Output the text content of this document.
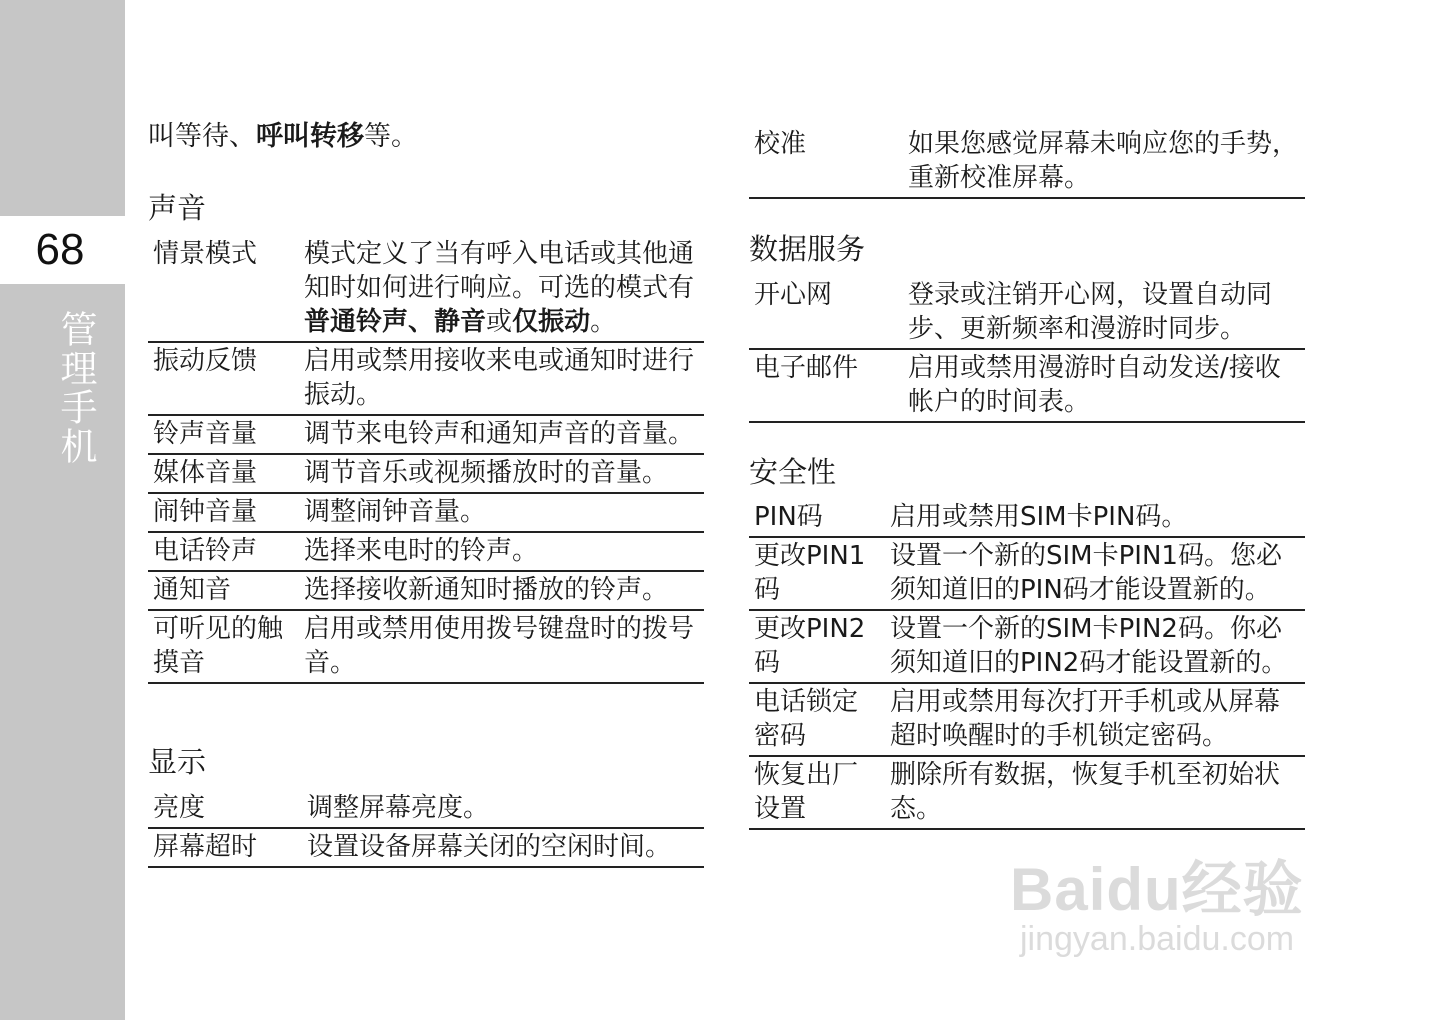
68
管理手机
叫等待、呼叫转移等。
声音
情景模式	模式定义了当有呼入电话或其他通知时如何进行响应。可选的模式有普通铃声、静音或仅振动。
振动反馈	启用或禁用接收来电或通知时进行振动。
铃声音量	调节来电铃声和通知声音的音量。
媒体音量	调节音乐或视频播放时的音量。
闹钟音量	调整闹钟音量。
电话铃声	选择来电时的铃声。
通知音	选择接收新通知时播放的铃声。
可听见的触摸音	启用或禁用使用拨号键盘时的拨号音。
显示
亮度	调整屏幕亮度。
屏幕超时	设置设备屏幕关闭的空闲时间。
校准	如果您感觉屏幕未响应您的手势，重新校准屏幕。
数据服务
开心网	登录或注销开心网，设置自动同步、更新频率和漫游时同步。
电子邮件	启用或禁用漫游时自动发送/接收帐户的时间表。
安全性
PIN码	启用或禁用SIM卡PIN码。
更改PIN1码	设置一个新的SIM卡PIN1码。您必须知道旧的PIN码才能设置新的。
更改PIN2码	设置一个新的SIM卡PIN2码。你必须知道旧的PIN2码才能设置新的。
电话锁定密码	启用或禁用每次打开手机或从屏幕超时唤醒时的手机锁定密码。
恢复出厂设置	删除所有数据，恢复手机至初始状态。
Baidu经验
jingyan.baidu.com
